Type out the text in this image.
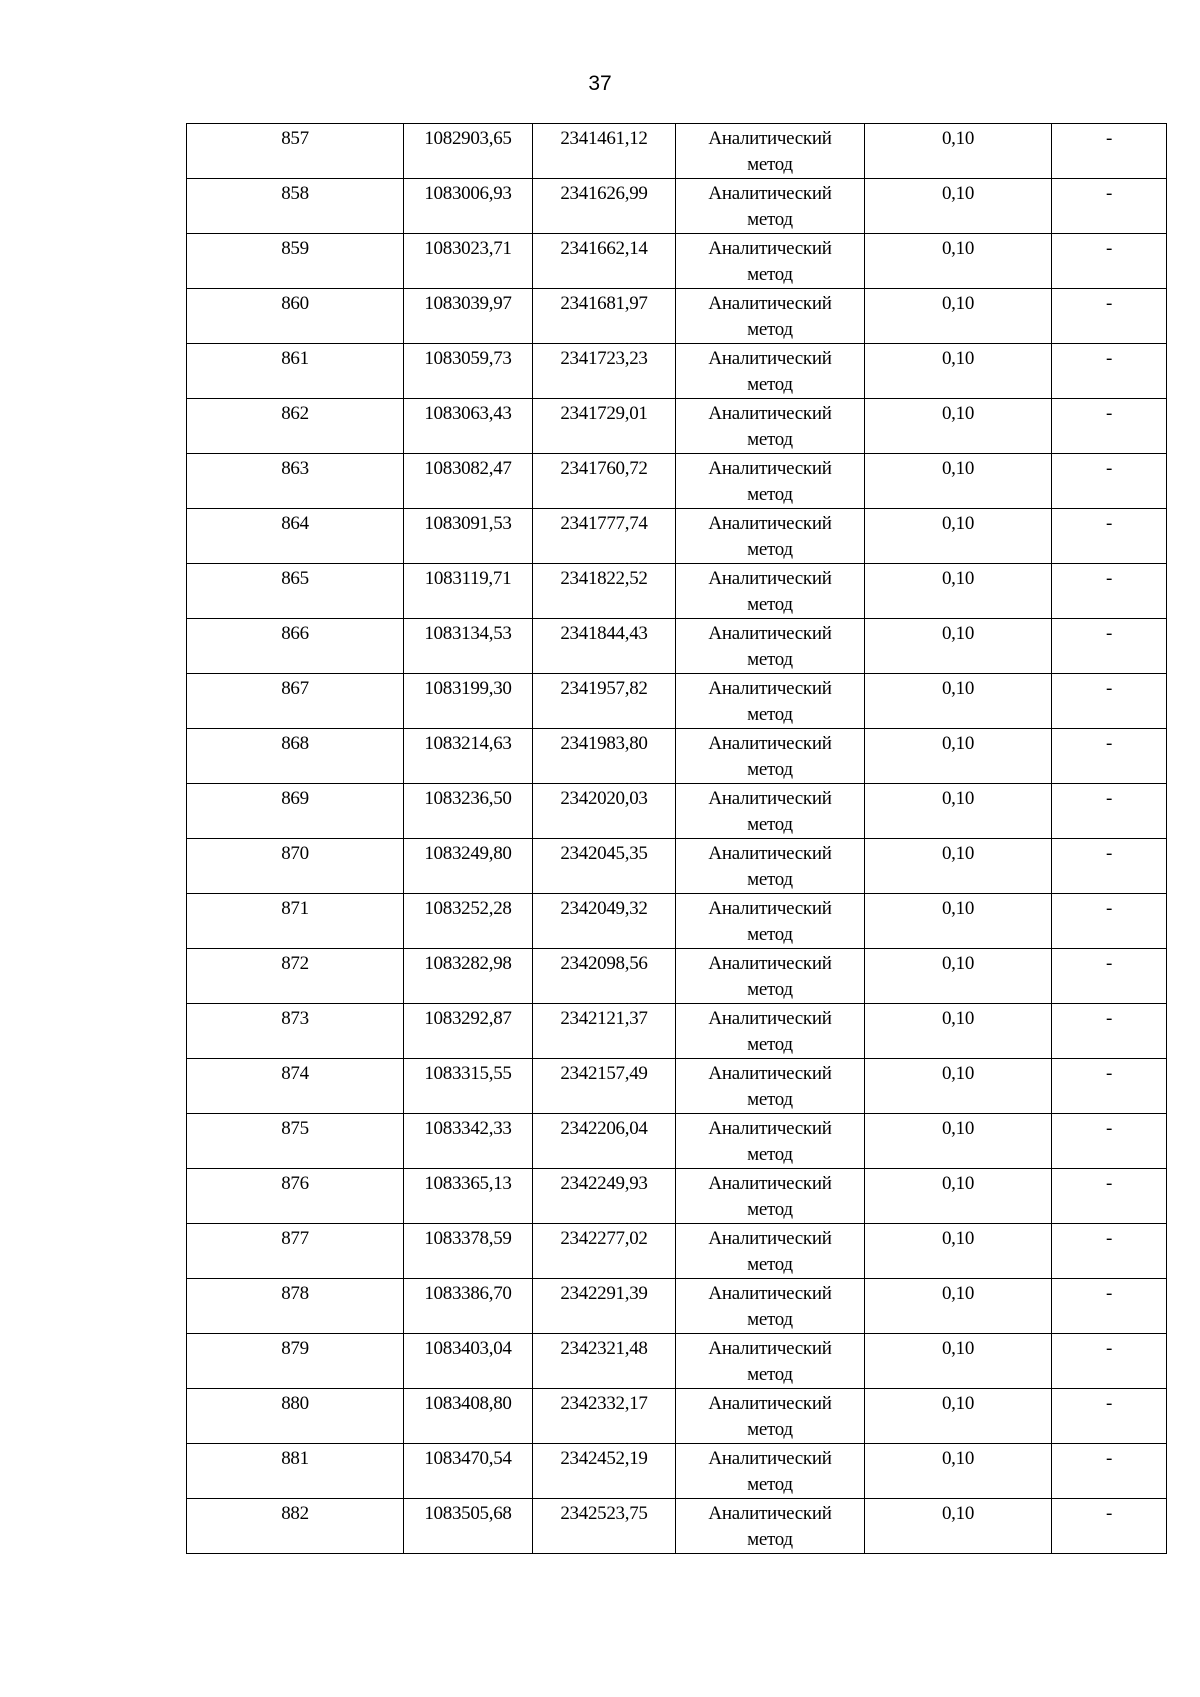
37
857	1082903,65	2341461,12	Аналитический
метод	0,10	-
858	1083006,93	2341626,99	Аналитический
метод	0,10	-
859	1083023,71	2341662,14	Аналитический
метод	0,10	-
860	1083039,97	2341681,97	Аналитический
метод	0,10	-
861	1083059,73	2341723,23	Аналитический
метод	0,10	-
862	1083063,43	2341729,01	Аналитический
метод	0,10	-
863	1083082,47	2341760,72	Аналитический
метод	0,10	-
864	1083091,53	2341777,74	Аналитический
метод	0,10	-
865	1083119,71	2341822,52	Аналитический
метод	0,10	-
866	1083134,53	2341844,43	Аналитический
метод	0,10	-
867	1083199,30	2341957,82	Аналитический
метод	0,10	-
868	1083214,63	2341983,80	Аналитический
метод	0,10	-
869	1083236,50	2342020,03	Аналитический
метод	0,10	-
870	1083249,80	2342045,35	Аналитический
метод	0,10	-
871	1083252,28	2342049,32	Аналитический
метод	0,10	-
872	1083282,98	2342098,56	Аналитический
метод	0,10	-
873	1083292,87	2342121,37	Аналитический
метод	0,10	-
874	1083315,55	2342157,49	Аналитический
метод	0,10	-
875	1083342,33	2342206,04	Аналитический
метод	0,10	-
876	1083365,13	2342249,93	Аналитический
метод	0,10	-
877	1083378,59	2342277,02	Аналитический
метод	0,10	-
878	1083386,70	2342291,39	Аналитический
метод	0,10	-
879	1083403,04	2342321,48	Аналитический
метод	0,10	-
880	1083408,80	2342332,17	Аналитический
метод	0,10	-
881	1083470,54	2342452,19	Аналитический
метод	0,10	-
882	1083505,68	2342523,75	Аналитический
метод	0,10	-
